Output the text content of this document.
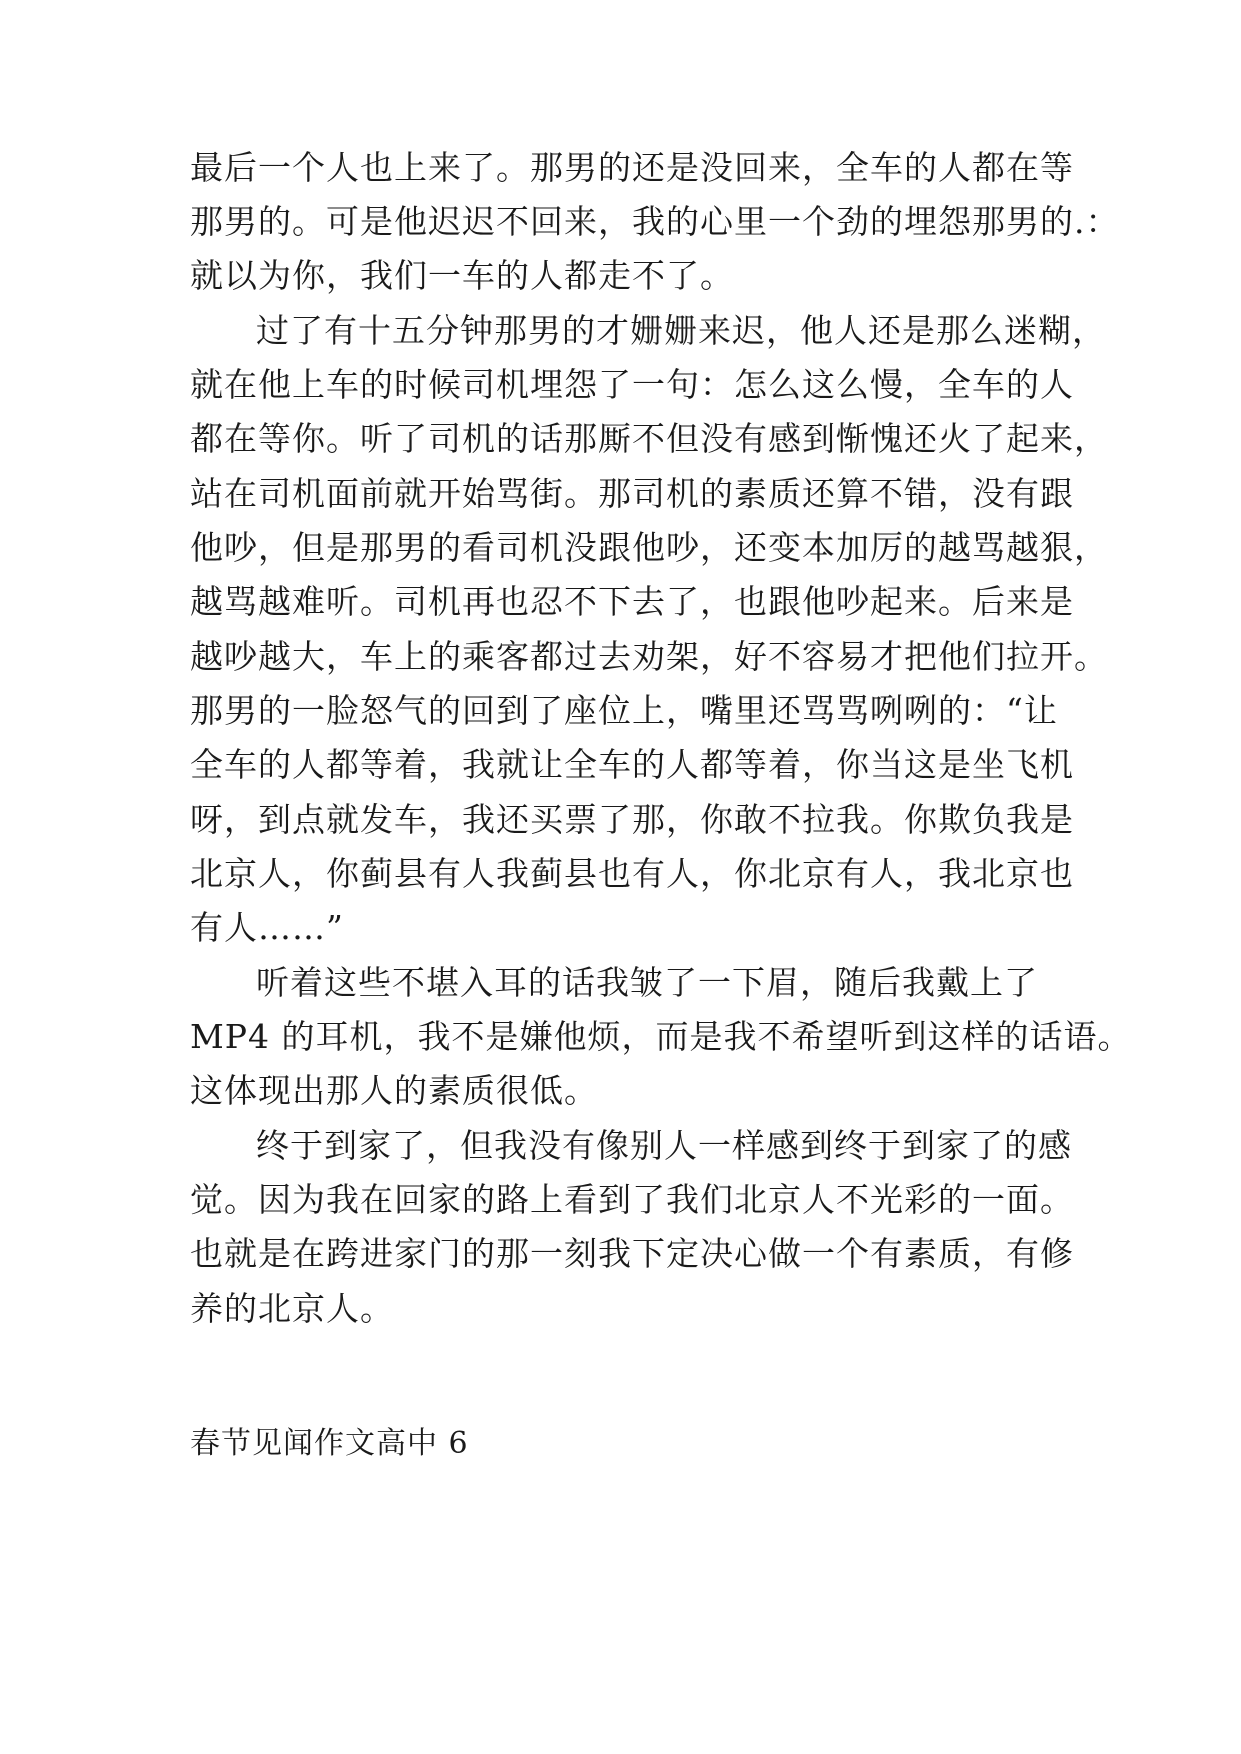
最后一个人也上来了。那男的还是没回来，全车的人都在等
那男的。可是他迟迟不回来，我的心里一个劲的埋怨那男的.：
就以为你，我们一车的人都走不了。
过了有十五分钟那男的才姗姗来迟，他人还是那么迷糊，
就在他上车的时候司机埋怨了一句：怎么这么慢，全车的人
都在等你。听了司机的话那厮不但没有感到惭愧还火了起来，
站在司机面前就开始骂街。那司机的素质还算不错，没有跟
他吵，但是那男的看司机没跟他吵，还变本加厉的越骂越狠，
越骂越难听。司机再也忍不下去了，也跟他吵起来。后来是
越吵越大，车上的乘客都过去劝架，好不容易才把他们拉开。
那男的一脸怒气的回到了座位上，嘴里还骂骂咧咧的：“让
全车的人都等着，我就让全车的人都等着，你当这是坐飞机
呀，到点就发车，我还买票了那，你敢不拉我。你欺负我是
北京人，你蓟县有人我蓟县也有人，你北京有人，我北京也
有人……”
听着这些不堪入耳的话我皱了一下眉，随后我戴上了
MP4 的耳机，我不是嫌他烦，而是我不希望听到这样的话语。
这体现出那人的素质很低。
终于到家了，但我没有像别人一样感到终于到家了的感
觉。因为我在回家的路上看到了我们北京人不光彩的一面。
也就是在跨进家门的那一刻我下定决心做一个有素质，有修
养的北京人。
春节见闻作文高中 6
